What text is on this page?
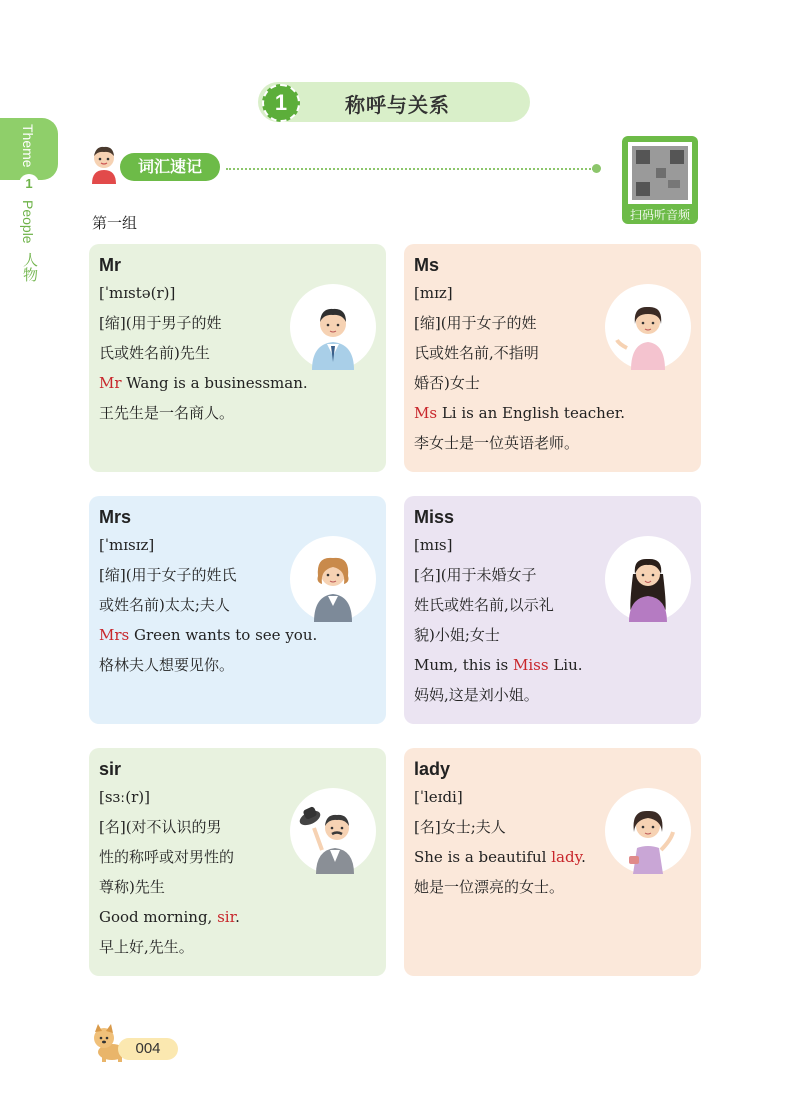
Theme
1
People
人物
1	称呼与关系
词汇速记
扫码听音频
第一组
Mr
[ˈmɪstə(r)]
[缩](用于男子的姓
氏或姓名前)先生
Mr Wang is a businessman.
王先生是一名商人。
Ms
[mɪz]
[缩](用于女子的姓
氏或姓名前,不指明
婚否)女士
Ms Li is an English teacher.
李女士是一位英语老师。
Mrs
[ˈmɪsɪz]
[缩](用于女子的姓氏
或姓名前)太太;夫人
Mrs Green wants to see you.
格林夫人想要见你。
Miss
[mɪs]
[名](用于未婚女子
姓氏或姓名前,以示礼
貌)小姐;女士
Mum, this is Miss Liu.
妈妈,这是刘小姐。
sir
[sɜː(r)]
[名](对不认识的男
性的称呼或对男性的
尊称)先生
Good morning, sir.
早上好,先生。
lady
[ˈleɪdi]
[名]女士;夫人
She is a beautiful lady.
她是一位漂亮的女士。
004
